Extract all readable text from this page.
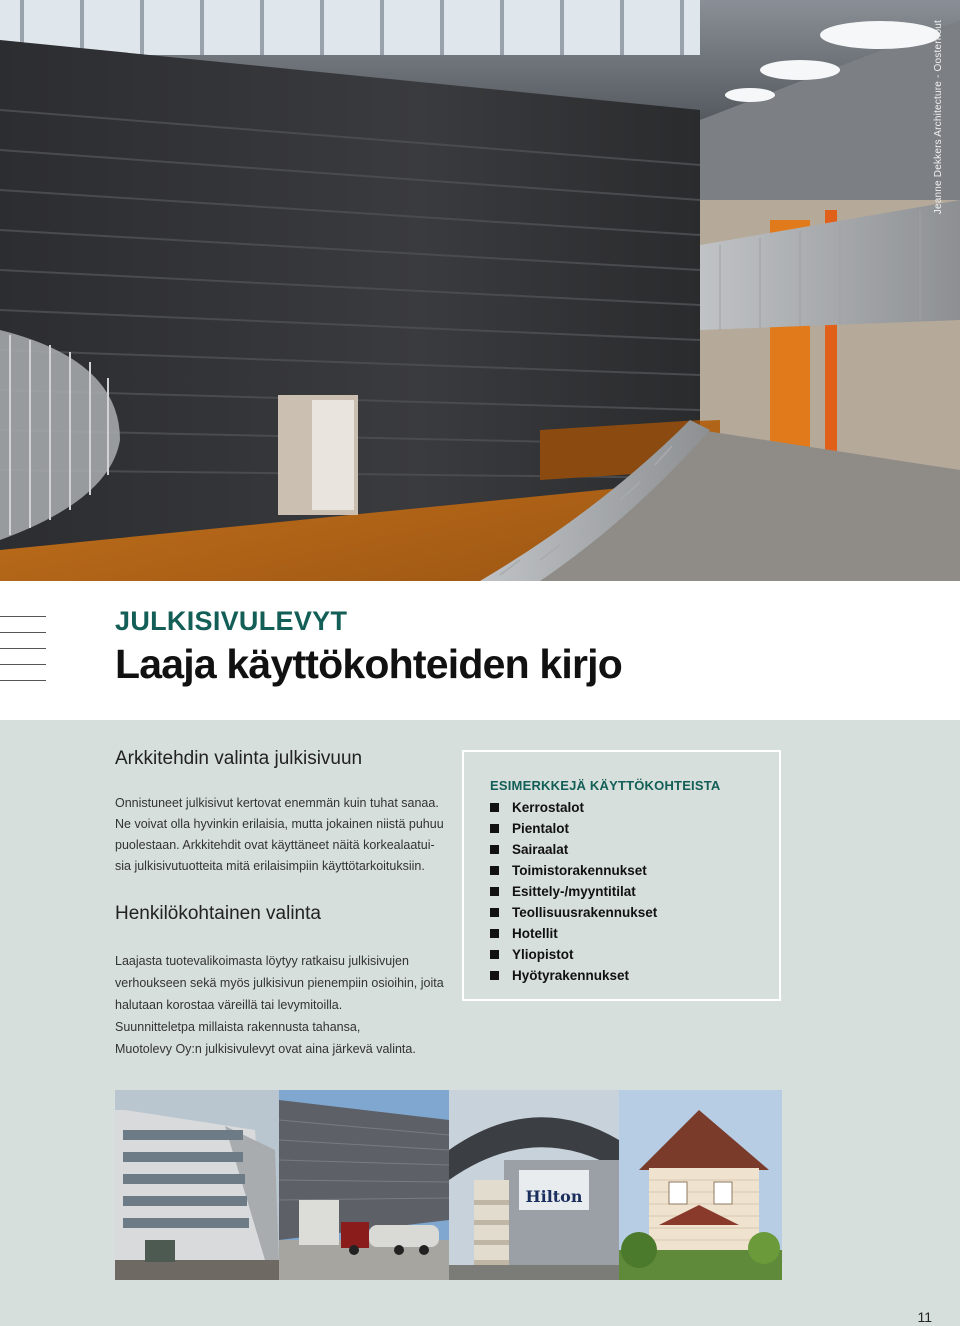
Jeanne Dekkers Architecture - Oosterhout
JULKISIVULEVYT
Laaja käyttökohteiden kirjo
Arkkitehdin valinta julkisivuun
Onnistuneet julkisivut kertovat enemmän kuin tuhat sanaa.
Ne voivat olla hyvinkin erilaisia, mutta jokainen niistä puhuu
puolestaan. Arkkitehdit ovat käyttäneet näitä korkealaatui-
sia julkisivutuotteita mitä erilaisimpiin käyttötarkoituksiin.
Henkilökohtainen valinta
Laajasta tuotevalikoimasta löytyy ratkaisu julkisivujen
verhoukseen sekä myös julkisivun pienempiin osioihin, joita
halutaan korostaa väreillä tai levymitoilla.
Suunnitteletpa millaista rakennusta tahansa,
Muotolevy Oy:n julkisivulevyt ovat aina järkevä valinta.
ESIMERKKEJÄ KÄYTTÖKOHTEISTA
Kerrostalot
Pientalot
Sairaalat
Toimistorakennukset
Esittely-/myyntitilat
Teollisuusrakennukset
Hotellit
Yliopistot
Hyötyrakennukset
Hilton
11
